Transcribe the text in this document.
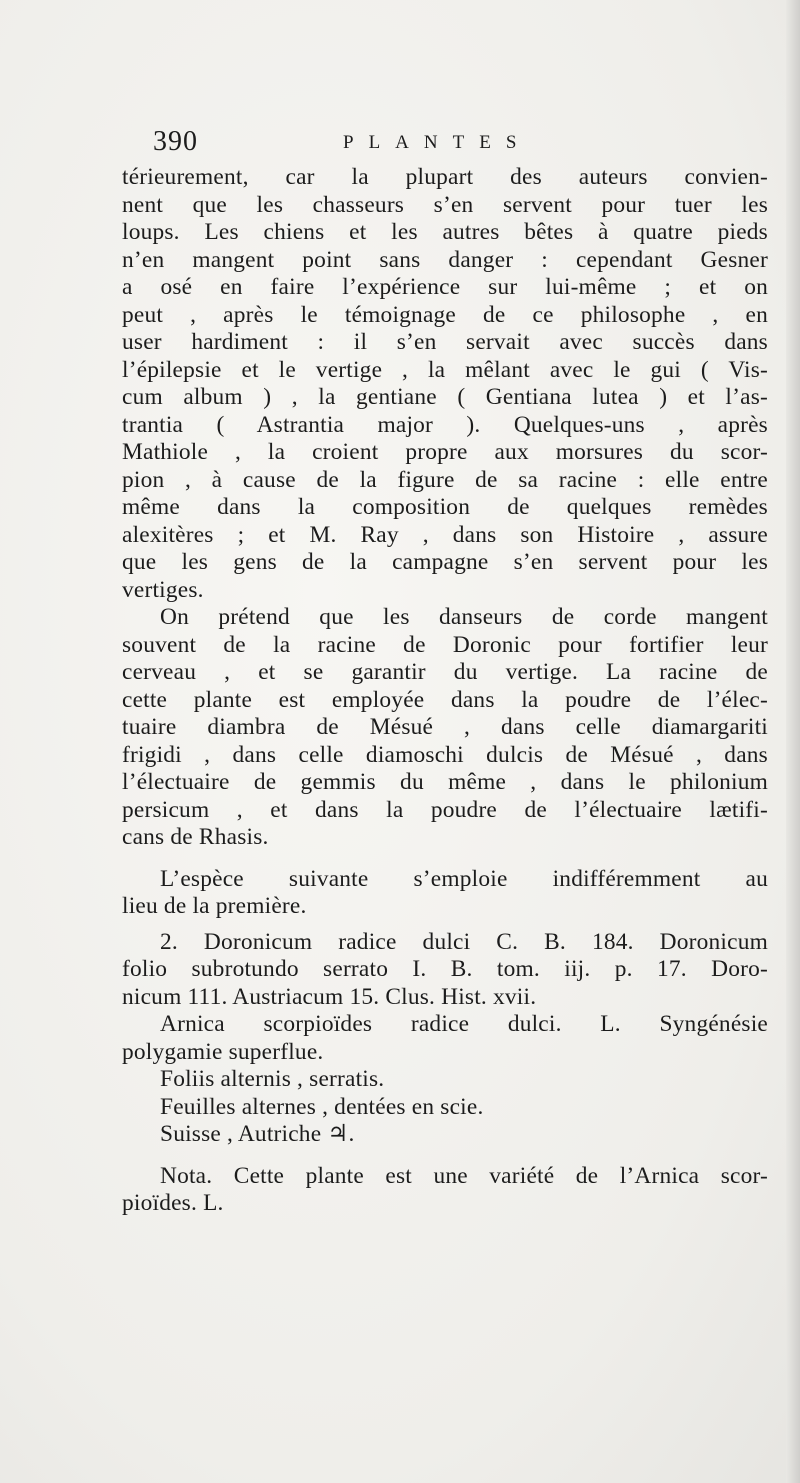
390	PLANTES
térieurement, car la plupart des auteurs convien-
nent que les chasseurs s’en servent pour tuer les
loups. Les chiens et les autres bêtes à quatre pieds
n’en mangent point sans danger : cependant Gesner
a osé en faire l’expérience sur lui-même ; et on
peut , après le témoignage de ce philosophe , en
user hardiment : il s’en servait avec succès dans
l’épilepsie et le vertige , la mêlant avec le gui ( Vis-
cum album ) , la gentiane ( Gentiana lutea ) et l’as-
trantia ( Astrantia major ). Quelques-uns , après
Mathiole , la croient propre aux morsures du scor-
pion , à cause de la figure de sa racine : elle entre
même dans la composition de quelques remèdes
alexitères ; et M. Ray , dans son Histoire , assure
que les gens de la campagne s’en servent pour les
vertiges.
On prétend que les danseurs de corde mangent
souvent de la racine de Doronic pour fortifier leur
cerveau , et se garantir du vertige. La racine de
cette plante est employée dans la poudre de l’élec-
tuaire diambra de Mésué , dans celle diamargariti
frigidi , dans celle diamoschi dulcis de Mésué , dans
l’électuaire de gemmis du même , dans le philonium
persicum , et dans la poudre de l’électuaire lætifi-
cans de Rhasis.
L’espèce suivante s’emploie indifféremment au
lieu de la première.
2. Doronicum radice dulci C. B. 184. Doronicum
folio subrotundo serrato I. B. tom. iij. p. 17. Doro-
nicum 111. Austriacum 15. Clus. Hist. xvii.
Arnica scorpioïdes radice dulci. L. Syngénésie
polygamie superflue.
Foliis alternis , serratis.
Feuilles alternes , dentées en scie.
Suisse , Autriche ♃.
Nota. Cette plante est une variété de l’Arnica scor-
pioïdes. L.
